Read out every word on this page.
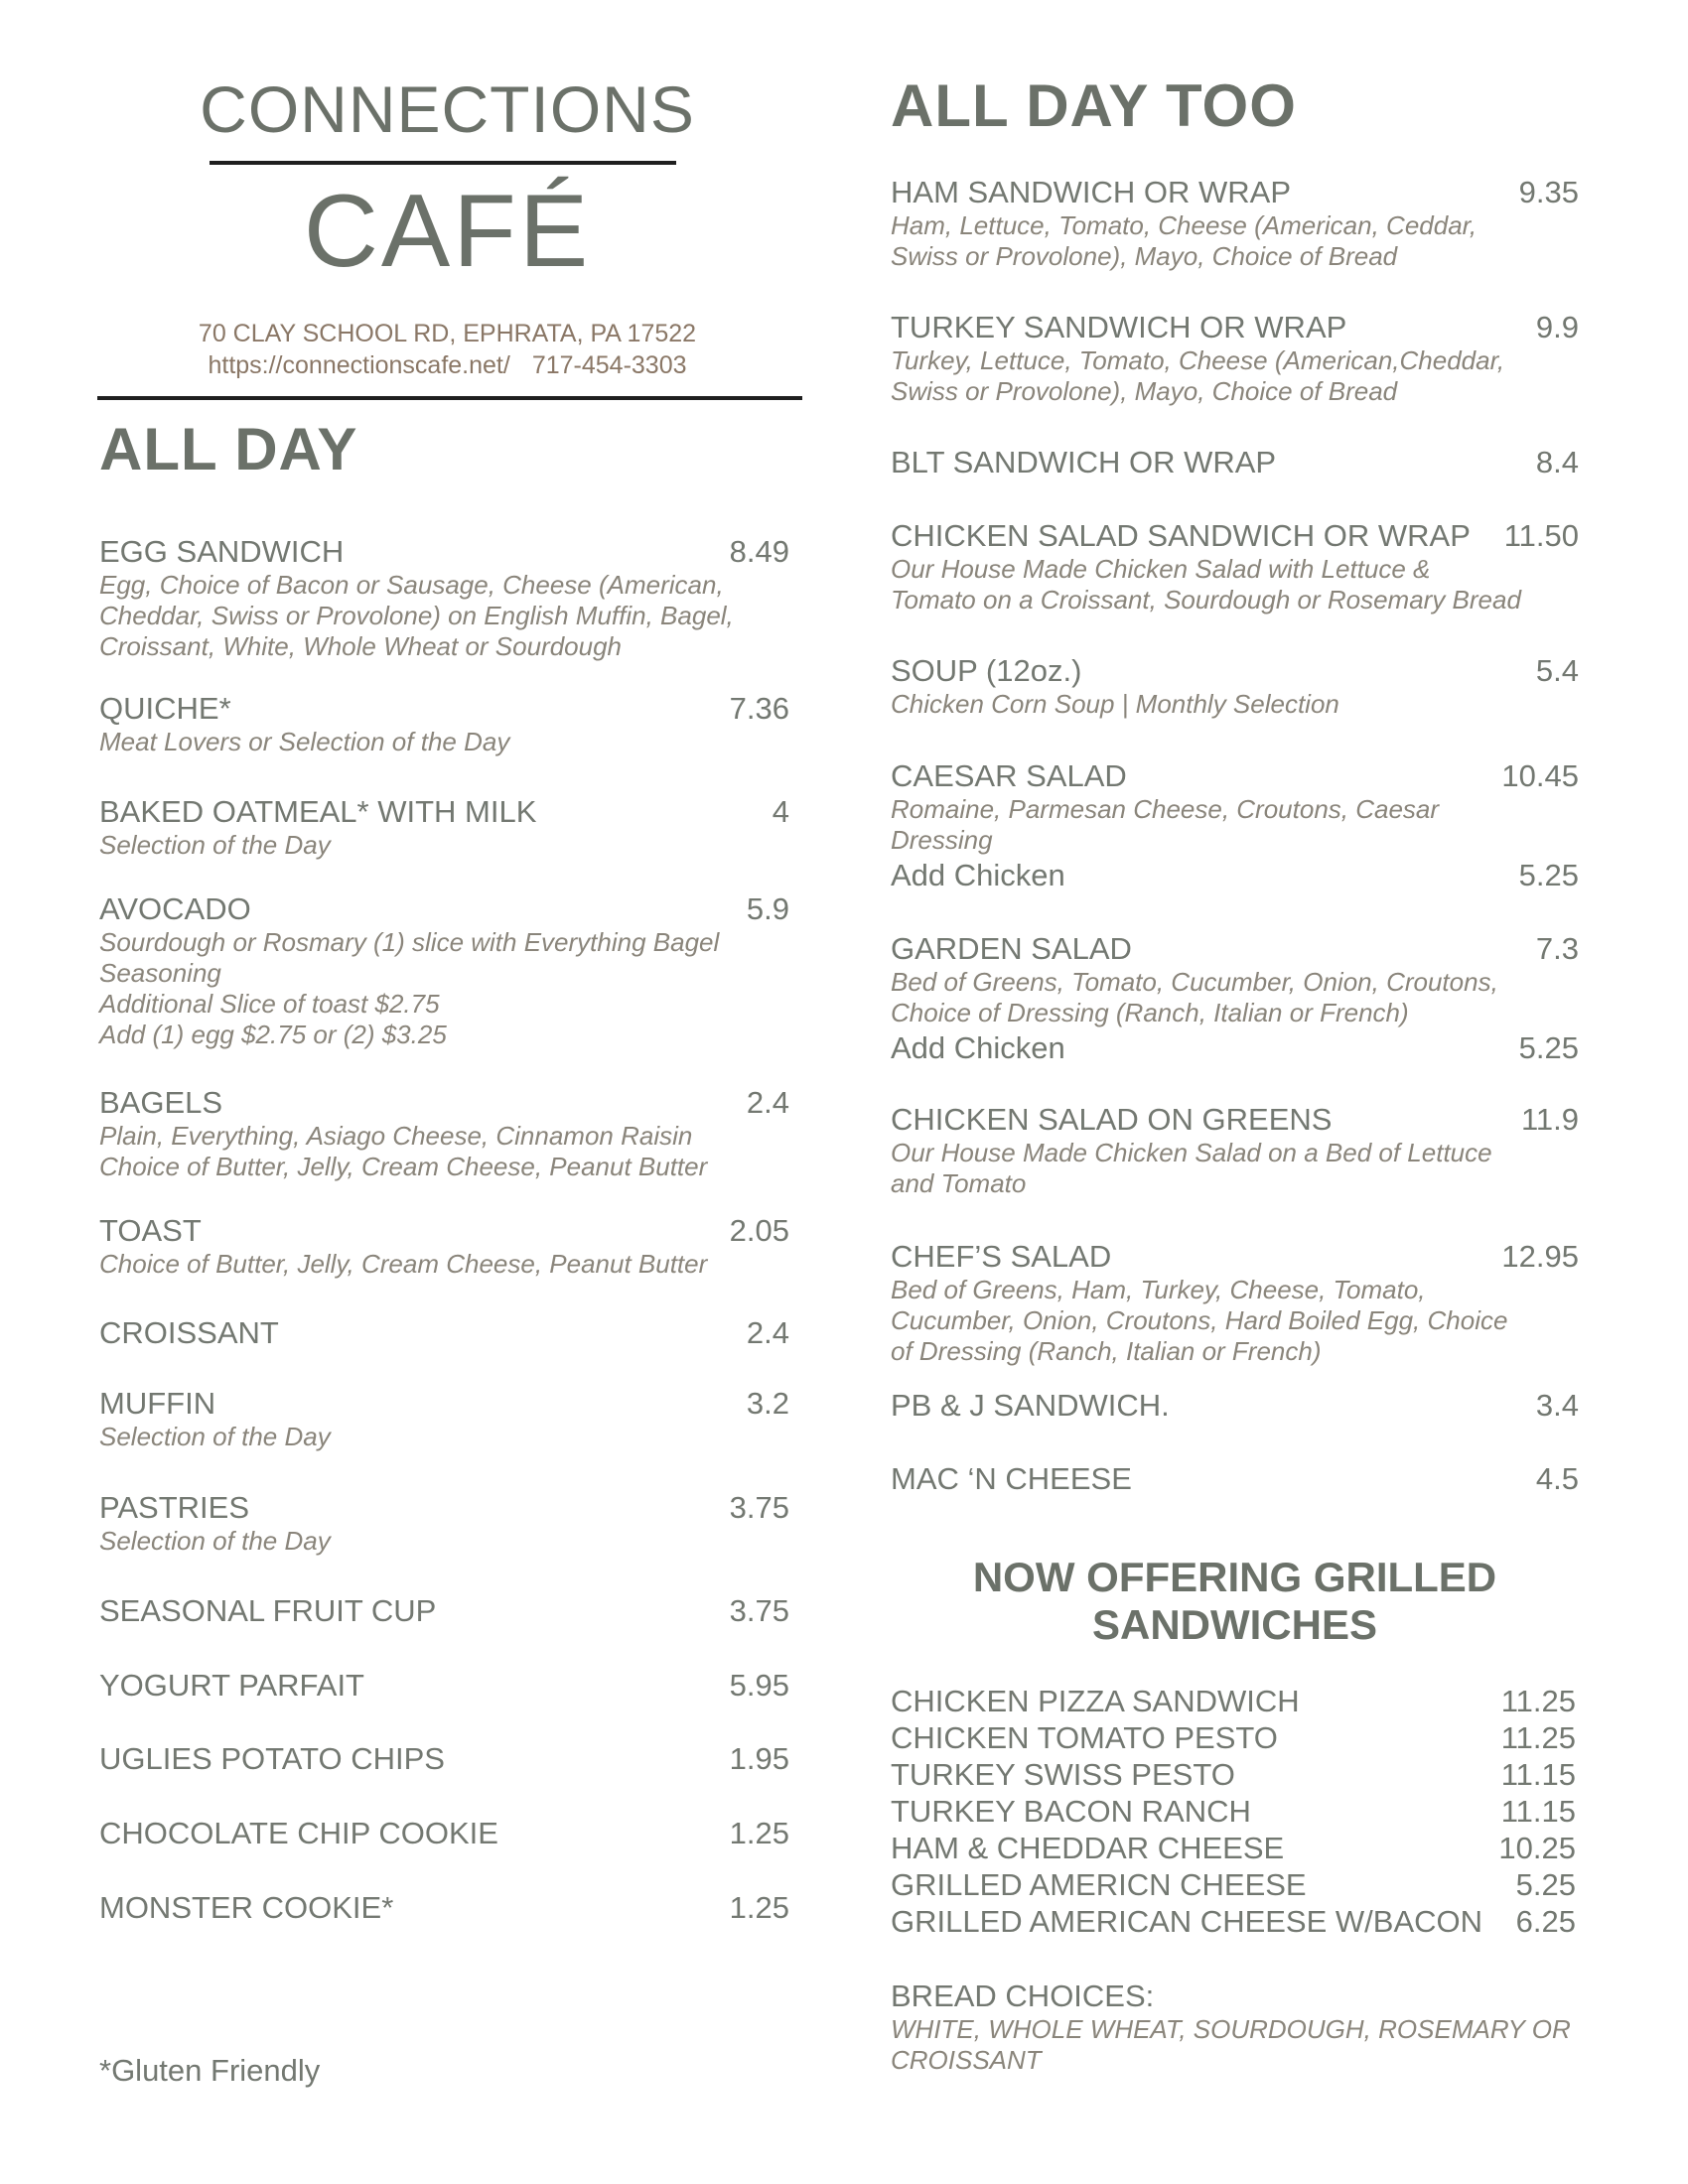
CONNECTIONS
CAFÉ
70 CLAY SCHOOL RD, EPHRATA, PA 17522
https://connectionscafe.net/ 717-454-3303
ALL DAY
EGG SANDWICH	8.49
Egg, Choice of Bacon or Sausage, Cheese (American,
Cheddar, Swiss or Provolone) on English Muffin, Bagel,
Croissant, White, Whole Wheat or Sourdough
QUICHE*	7.36
Meat Lovers or Selection of the Day
BAKED OATMEAL* WITH MILK	4
Selection of the Day
AVOCADO	5.9
Sourdough or Rosmary (1) slice with Everything Bagel
Seasoning
Additional Slice of toast $2.75
Add (1) egg $2.75 or (2) $3.25
BAGELS	2.4
Plain, Everything, Asiago Cheese, Cinnamon Raisin
Choice of Butter, Jelly, Cream Cheese, Peanut Butter
TOAST	2.05
Choice of Butter, Jelly, Cream Cheese, Peanut Butter
CROISSANT	2.4
MUFFIN	3.2
Selection of the Day
PASTRIES	3.75
Selection of the Day
SEASONAL FRUIT CUP	3.75
YOGURT PARFAIT	5.95
UGLIES POTATO CHIPS	1.95
CHOCOLATE CHIP COOKIE	1.25
MONSTER COOKIE*	1.25
*Gluten Friendly
ALL DAY TOO
HAM SANDWICH OR WRAP	9.35
Ham, Lettuce, Tomato, Cheese (American, Ceddar,
Swiss or Provolone), Mayo, Choice of Bread
TURKEY SANDWICH OR WRAP	9.9
Turkey, Lettuce, Tomato, Cheese (American,Cheddar,
Swiss or Provolone), Mayo, Choice of Bread
BLT SANDWICH OR WRAP	8.4
CHICKEN SALAD SANDWICH OR WRAP 11.50
Our House Made Chicken Salad with Lettuce &
Tomato on a Croissant, Sourdough or Rosemary Bread
SOUP (12oz.)	5.4
Chicken Corn Soup | Monthly Selection
CAESAR SALAD	10.45
Romaine, Parmesan Cheese, Croutons, Caesar
Dressing
Add Chicken	5.25
GARDEN SALAD	7.3
Bed of Greens, Tomato, Cucumber, Onion, Croutons,
Choice of Dressing (Ranch, Italian or French)
Add Chicken	5.25
CHICKEN SALAD ON GREENS	11.9
Our House Made Chicken Salad on a Bed of Lettuce
and Tomato
CHEF’S SALAD	12.95
Bed of Greens, Ham, Turkey, Cheese, Tomato,
Cucumber, Onion, Croutons, Hard Boiled Egg, Choice
of Dressing (Ranch, Italian or French)
PB & J SANDWICH.	3.4
MAC ‘N CHEESE	4.5
NOW OFFERING GRILLED
SANDWICHES
CHICKEN PIZZA SANDWICH	11.25
CHICKEN TOMATO PESTO	11.25
TURKEY SWISS PESTO	11.15
TURKEY BACON RANCH	11.15
HAM & CHEDDAR CHEESE	10.25
GRILLED AMERICN CHEESE	5.25
GRILLED AMERICAN CHEESE W/BACON 6.25
BREAD CHOICES:
WHITE, WHOLE WHEAT, SOURDOUGH, ROSEMARY OR
CROISSANT
